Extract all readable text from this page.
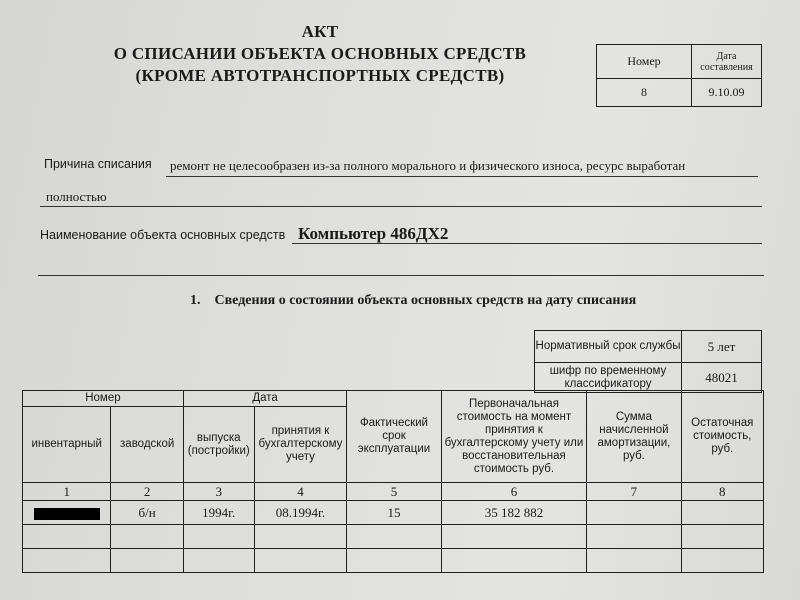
АКТ
О СПИСАНИИ ОБЪЕКТА ОСНОВНЫХ СРЕДСТВ
(КРОМЕ АВТОТРАНСПОРТНЫХ СРЕДСТВ)
Номер	Дата составления
8	9.10.09
Причина списания ремонт не целесообразен из-за полного морального и физического износа, ресурс выработан
полностью
Наименование объекта основных средств Компьютер 486ДХ2
1.    Сведения о состоянии объекта основных средств на дату списания
Нормативный срок службы	5 лет
шифр по временному классификатору	48021
Номер		Дата		Фактический срок эксплуатации	Первоначальная стоимость на момент принятия к бухгалтерскому учету или восстановительная стоимость руб.	Сумма начисленной амортизации, руб.	Остаточная стоимость, руб.
инвентарный	заводской	выпуска (постройки)	принятия к бухгалтерскому учету				
1	2	3	4	5	6	7	8
	б/н	1994г.	08.1994г.	15	35 182 882		
